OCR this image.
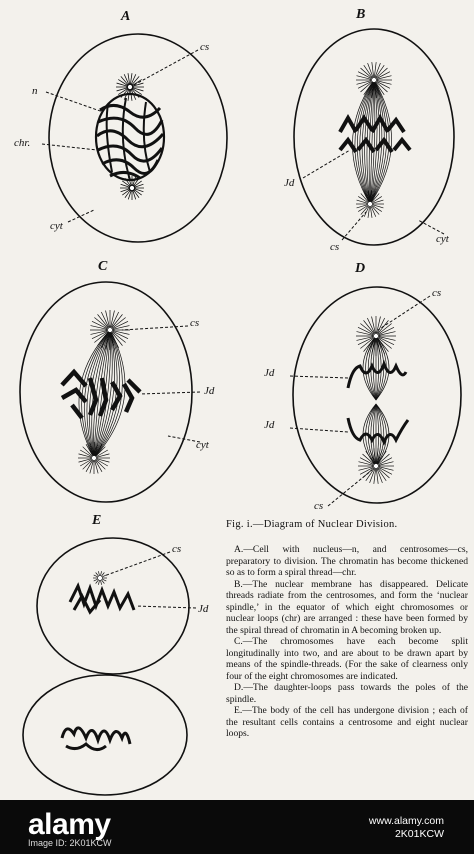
A	B
C	D
E
cs
n
chr.
cyt
Jd
cs
cyt
cs
Jd
cyt
cs
Jd
Jd
cs
cs
Jd
Fig. i.—Diagram of Nuclear Division.

A.—Cell with nucleus—n, and centrosomes—cs, preparatory to division. The chromatin has become thickened so as to form a spiral thread—chr.

B.—The nuclear membrane has disappeared. Delicate threads radiate from the centrosomes, and form the ‘nuclear spindle,’ in the equator of which eight chromosomes or nuclear loops (chr) are arranged : these have been formed by the spiral thread of chromatin in A becoming broken up.

C.—The chromosomes have each become split longitudinally into two, and are about to be drawn apart by means of the spindle-threads. (For the sake of clearness only four of the eight chromosomes are indicated.

D.—The daughter-loops pass towards the poles of the spindle.

E.—The body of the cell has undergone division ; each of the resultant cells contains a centrosome and eight nuclear loops.

alamy
Image ID: 2K01KCW
www.alamy.com
2K01KCW
